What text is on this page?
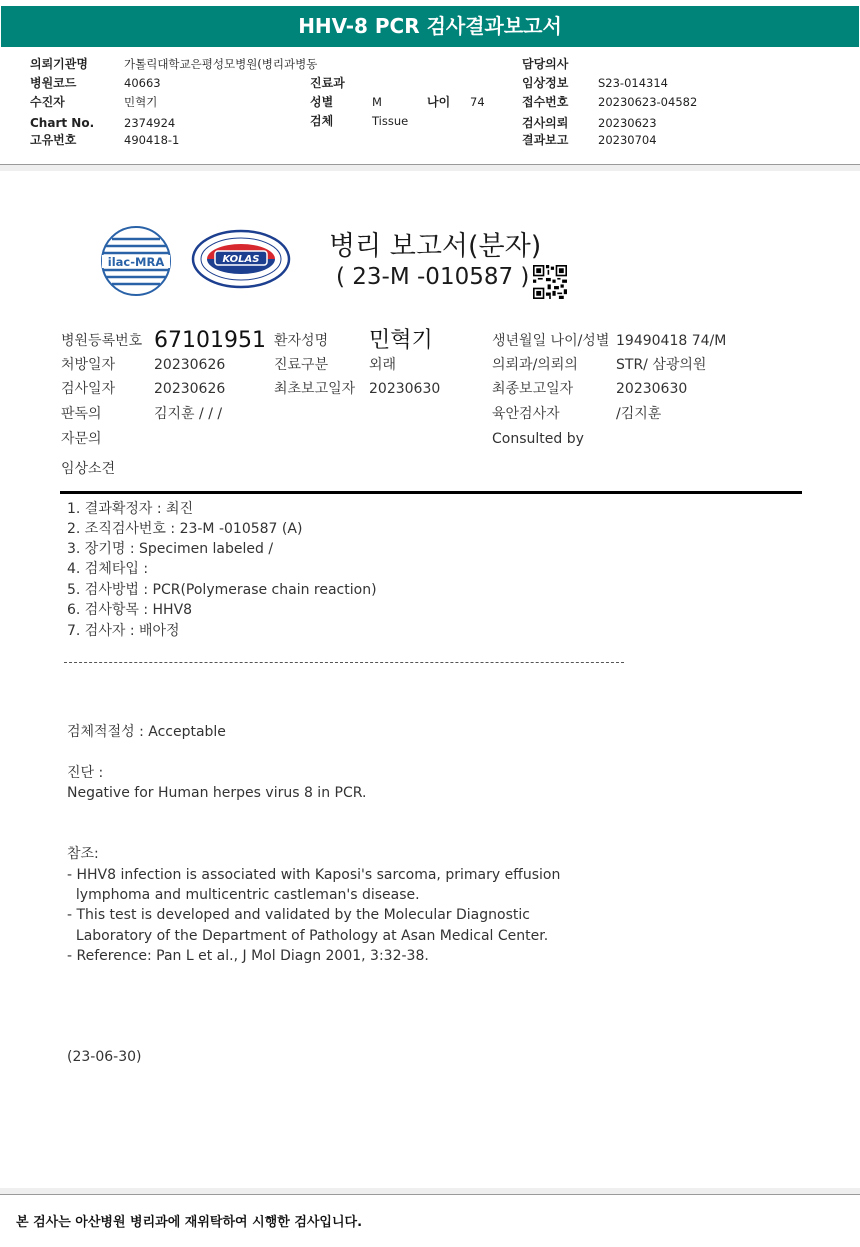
HHV-8 PCR 검사결과보고서
의뢰기관명	가톨릭대학교은평성모병원(병리과병동
병원코드	40663
수진자	민혁기
Chart No.	2374924
고유번호	490418-1
진료과
성별	M	나이 74
검체	Tissue
담당의사
임상정보	S23-014314
접수번호	20230623-04582
검사의뢰	20230623
결과보고	20230704
ilac-MRA	KOLAS	병리 보고서(분자)
( 23-M -010587 )
병원등록번호 67101951 환자성명 민혁기	생년월일 나이/성별 19490418 74/M
처방일자	20230626	진료구분	외래	의뢰과/의뢰의	STR/ 삼광의원
검사일자	20230626	최초보고일자 20230630	최종보고일자	20230630
판독의	김지훈 / / /	육안검사자	/김지훈
자문의	Consulted by
임상소견
1. 결과확정자 : 최진
2. 조직검사번호 : 23-M -010587 (A)
3. 장기명 : Specimen labeled /
4. 검체타입 :
5. 검사방법 : PCR(Polymerase chain reaction)
6. 검사항목 : HHV8
7. 검사자 : 배아정
검체적절성 : Acceptable
진단 :
Negative for Human herpes virus 8 in PCR.
참조:
- HHV8 infection is associated with Kaposi's sarcoma, primary effusion
lymphoma and multicentric castleman's disease.
- This test is developed and validated by the Molecular Diagnostic
Laboratory of the Department of Pathology at Asan Medical Center.
- Reference: Pan L et al., J Mol Diagn 2001, 3:32-38.
(23-06-30)
본 검사는 아산병원 병리과에 재위탁하여 시행한 검사입니다.
